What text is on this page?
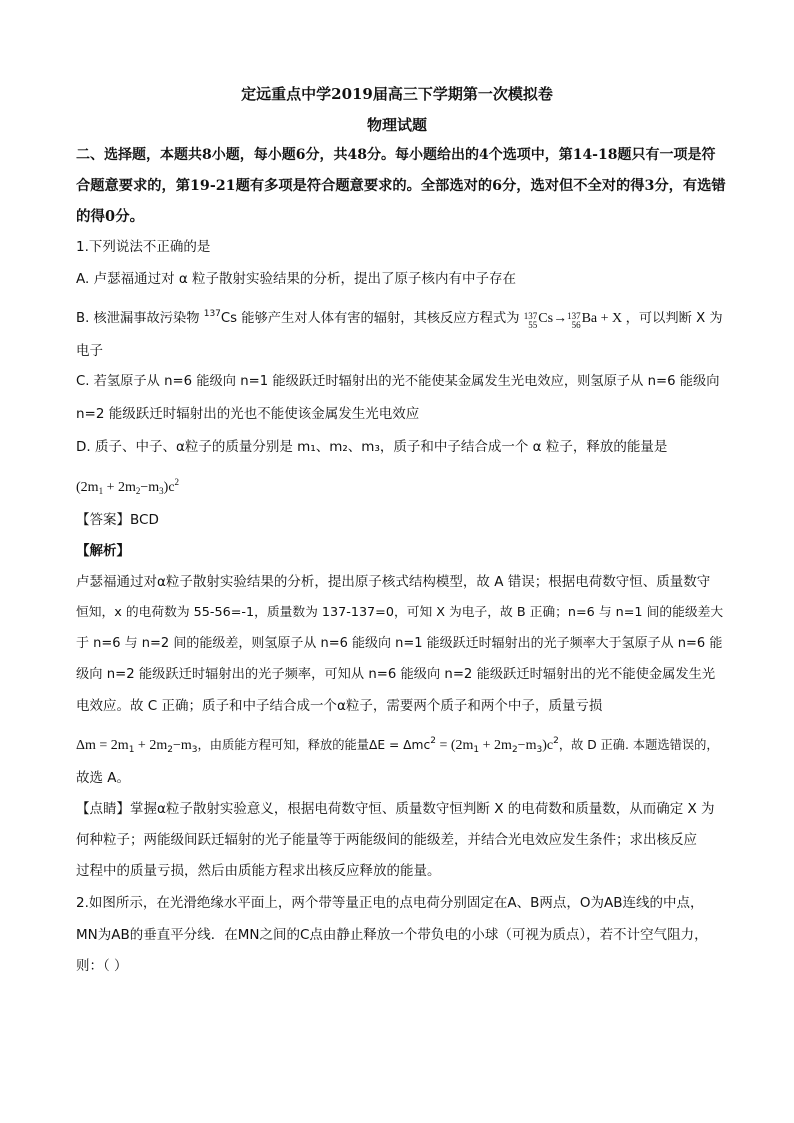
定远重点中学2019届高三下学期第一次模拟卷
物理试题
二、选择题，本题共8小题，每小题6分，共48分。每小题给出的4个选项中，第14-18题只有一项是符
合题意要求的，第19-21题有多项是符合题意要求的。全部选对的6分，选对但不全对的得3分，有选错
的得0分。
1.下列说法不正确的是
A. 卢瑟福通过对 α 粒子散射实验结果的分析，提出了原子核内有中子存在
B. 核泄漏事故污染物 $^{137}$Cs 能够产生对人体有害的辐射，其核反应方程式为 137
55 Cs→ 137
56 Ba + X ，可以判断 X 为
电子
C. 若氢原子从 n=6 能级向 n=1 能级跃迁时辐射出的光不能使某金属发生光电效应，则氢原子从 n=6 能级向
n=2 能级跃迁时辐射出的光也不能使该金属发生光电效应
D. 质子、中子、α粒子的质量分别是 m₁、m₂、m₃，质子和中子结合成一个 α 粒子，释放的能量是
$(2m_1 + 2m_2-m_3)c^2$
【答案】BCD
【解析】
卢瑟福通过对α粒子散射实验结果的分析，提出原子核式结构模型，故 A 错误；根据电荷数守恒、质量数守
恒知，x 的电荷数为 55-56=-1，质量数为 137-137=0，可知 X 为电子，故 B 正确；n=6 与 n=1 间的能级差大
于 n=6 与 n=2 间的能级差，则氢原子从 n=6 能级向 n=1 能级跃迁时辐射出的光子频率大于氢原子从 n=6 能
级向 n=2 能级跃迁时辐射出的光子频率，可知从 n=6 能级向 n=2 能级跃迁时辐射出的光不能使金属发生光
电效应。故 C 正确；质子和中子结合成一个α粒子，需要两个质子和两个中子，质量亏损
$\Delta m = 2m_1 + 2m_2-m_3$，由质能方程可知，释放的能量$\Delta E = \Delta mc^2 = (2m_1 + 2m_2-m_3)c^2$，故 D 正确. 本题选错误的，
故选 A。
【点睛】掌握α粒子散射实验意义，根据电荷数守恒、质量数守恒判断 X 的电荷数和质量数，从而确定 X 为
何种粒子；两能级间跃迁辐射的光子能量等于两能级间的能级差，并结合光电效应发生条件；求出核反应
过程中的质量亏损，然后由质能方程求出核反应释放的能量。
2.如图所示，在光滑绝缘水平面上，两个带等量正电的点电荷分别固定在A、B两点，O为AB连线的中点，
MN为AB的垂直平分线．在MN之间的C点由静止释放一个带负电的小球（可视为质点），若不计空气阻力，
则：（ ）
